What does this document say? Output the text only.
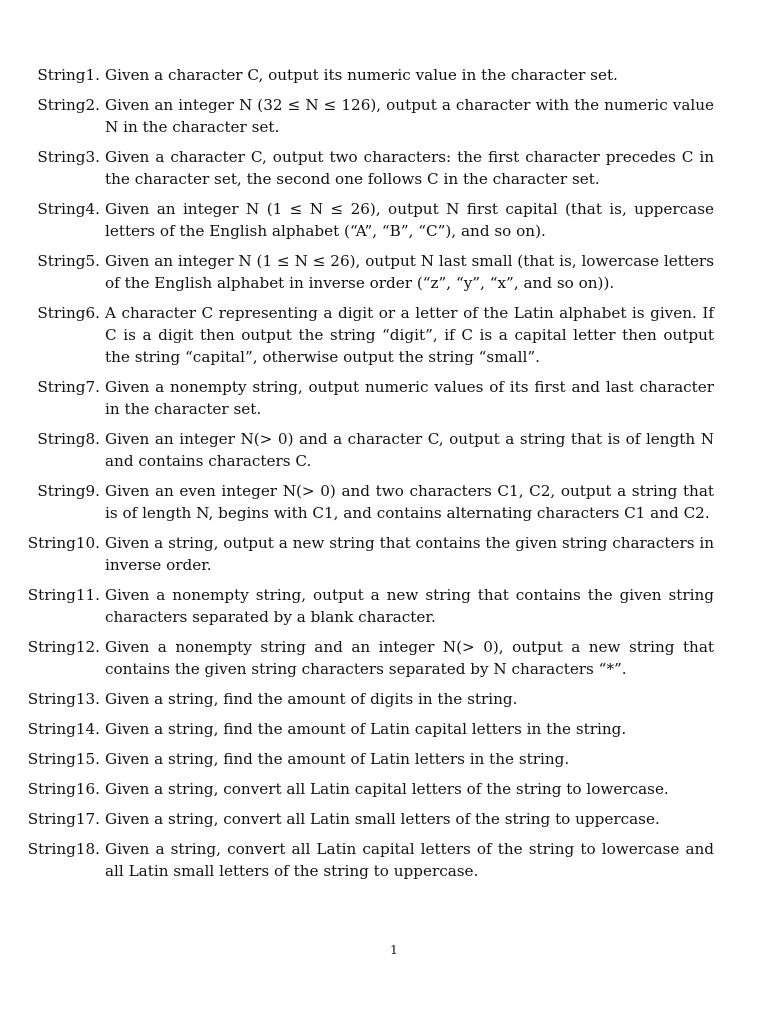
String1. Given a character C, output its numeric value in the character set.
String2. Given an integer N (32 ≤ N ≤ 126), output a character with the numeric value N in the character set.
String3. Given a character C, output two characters: the first character precedes C in the character set, the second one follows C in the character set.
String4. Given an integer N (1 ≤ N ≤ 26), output N first capital (that is, uppercase letters of the English alphabet (“A”, “B”, “C”), and so on).
String5. Given an integer N (1 ≤ N ≤ 26), output N last small (that is, lowercase letters of the English alphabet in inverse order (“z”, “y”, “x”, and so on)).
String6. A character C representing a digit or a letter of the Latin alphabet is given. If C is a digit then output the string “digit”, if C is a capital letter then output the string “capital”, otherwise output the string “small”.
String7. Given a nonempty string, output numeric values of its first and last character in the character set.
String8. Given an integer N(> 0) and a character C, output a string that is of length N and contains characters C.
String9. Given an even integer N(> 0) and two characters C1, C2, output a string that is of length N, begins with C1, and contains alternating characters C1 and C2.
String10. Given a string, output a new string that contains the given string characters in inverse order.
String11. Given a nonempty string, output a new string that contains the given string characters separated by a blank character.
String12. Given a nonempty string and an integer N(> 0), output a new string that contains the given string characters separated by N characters “*”.
String13. Given a string, find the amount of digits in the string.
String14. Given a string, find the amount of Latin capital letters in the string.
String15. Given a string, find the amount of Latin letters in the string.
String16. Given a string, convert all Latin capital letters of the string to lowercase.
String17. Given a string, convert all Latin small letters of the string to uppercase.
String18. Given a string, convert all Latin capital letters of the string to lowercase and all Latin small letters of the string to uppercase.
1
